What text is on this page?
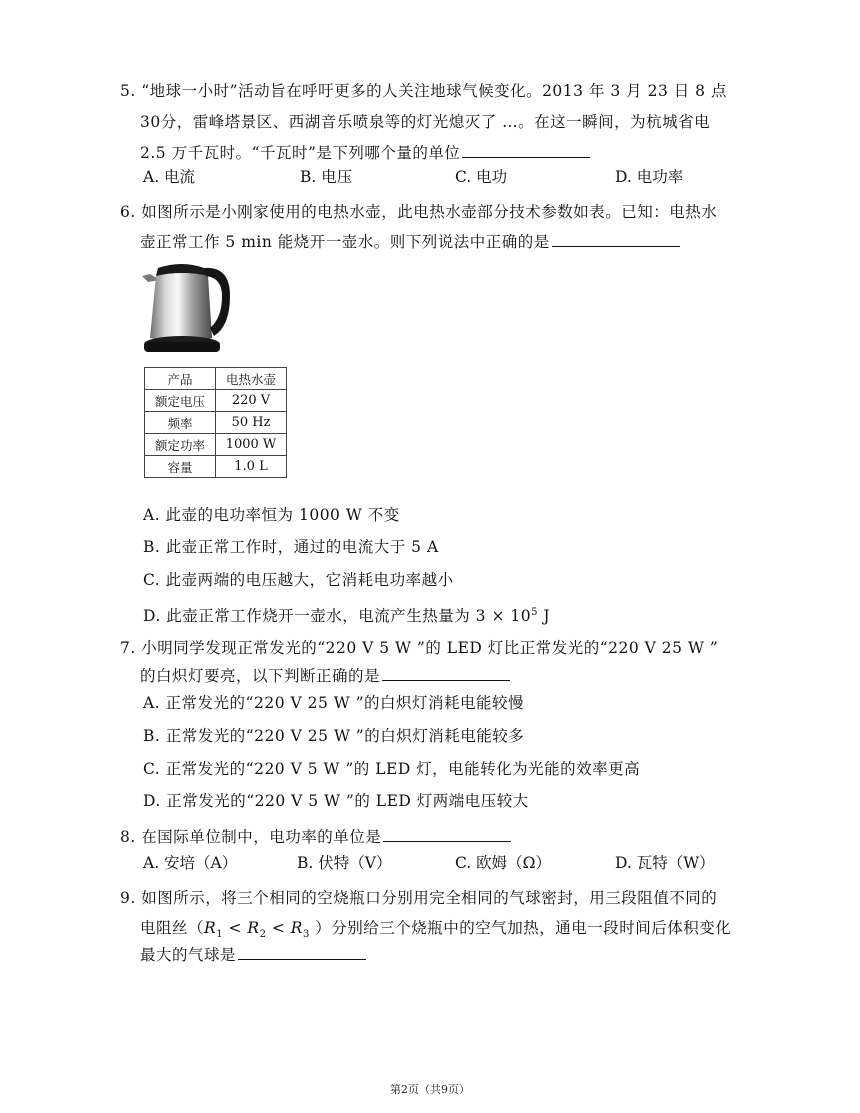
5. “地球一小时”活动旨在呼吁更多的人关注地球气候变化。2013 年 3 月 23 日 8 点
30分，雷峰塔景区、西湖音乐喷泉等的灯光熄灭了 …。在这一瞬间，为杭城省电
2.5 万千瓦时。“千瓦时”是下列哪个量的单位
A. 电流	B. 电压	C. 电功	D. 电功率
6. 如图所示是小刚家使用的电热水壶，此电热水壶部分技术参数如表。已知：电热水
壶正常工作 5 min 能烧开一壶水。则下列说法中正确的是
产品	电热水壶
额定电压	220 V
频率	50 Hz
额定功率	1000 W
容量	1.0 L
A. 此壶的电功率恒为 1000 W 不变
B. 此壶正常工作时，通过的电流大于 5 A
C. 此壶两端的电压越大，它消耗电功率越小
D. 此壶正常工作烧开一壶水，电流产生热量为 $3 \times 10^5$ J
7. 小明同学发现正常发光的“220 V 5 W ”的 LED 灯比正常发光的“220 V 25 W ”
的白炽灯要亮，以下判断正确的是
A. 正常发光的“220 V 25 W ”的白炽灯消耗电能较慢
B. 正常发光的“220 V 25 W ”的白炽灯消耗电能较多
C. 正常发光的“220 V 5 W ”的 LED 灯，电能转化为光能的效率更高
D. 正常发光的“220 V 5 W ”的 LED 灯两端电压较大
8. 在国际单位制中，电功率的单位是
A. 安培（A）	B. 伏特（V）	C. 欧姆（Ω）	D. 瓦特（W）
9. 如图所示，将三个相同的空烧瓶口分别用完全相同的气球密封，用三段阻值不同的
电阻丝（$R_1 < R_2 < R_3$ ）分别给三个烧瓶中的空气加热，通电一段时间后体积变化
最大的气球是
第2页（共9页）
